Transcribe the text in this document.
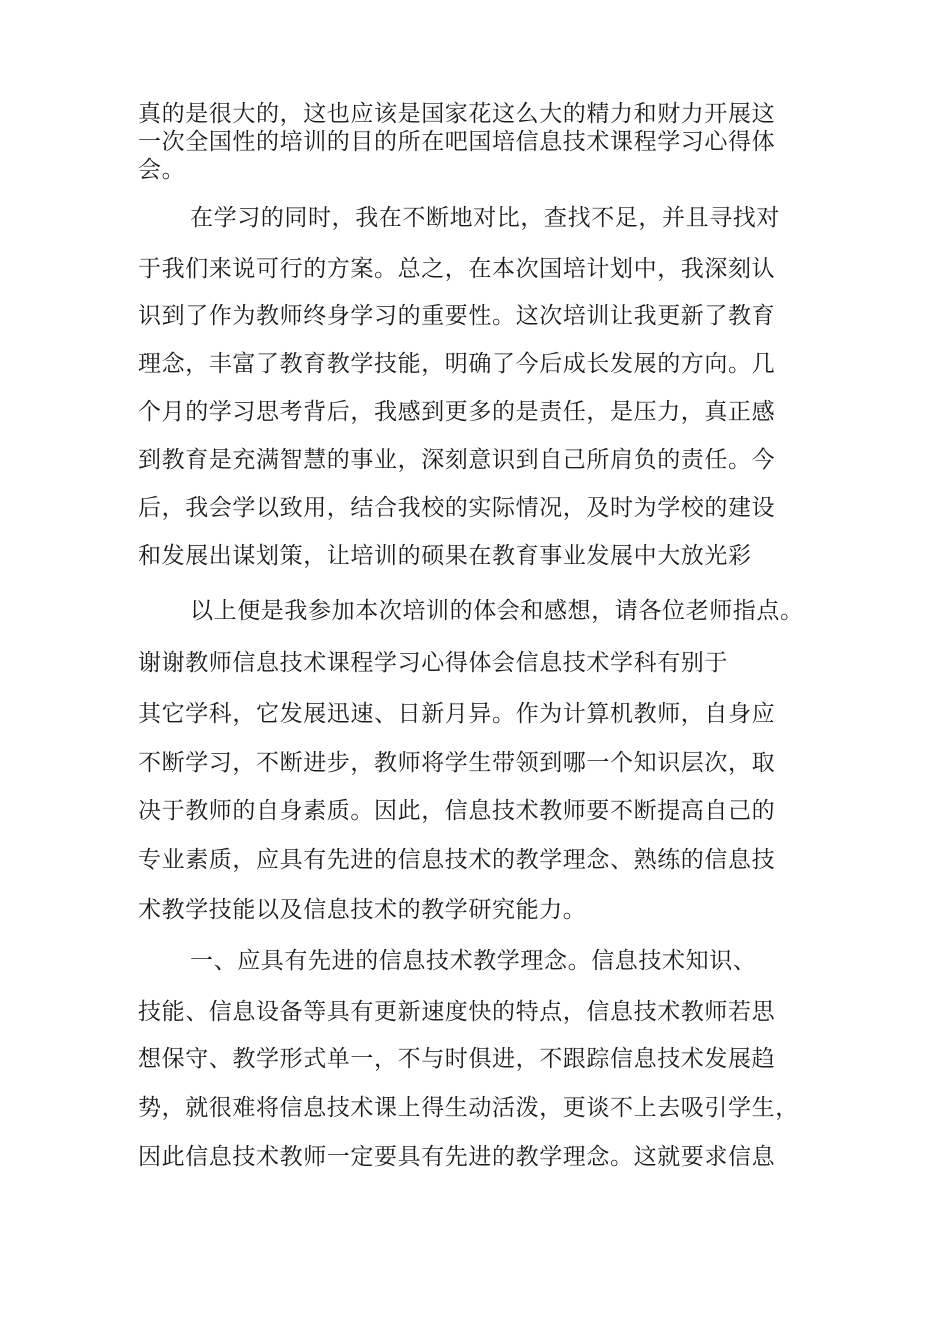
真的是很大的，这也应该是国家花这么大的精力和财力开展这
一次全国性的培训的目的所在吧国培信息技术课程学习心得体
会。
在学习的同时，我在不断地对比，查找不足，并且寻找对
于我们来说可行的方案。总之，在本次国培计划中，我深刻认
识到了作为教师终身学习的重要性。这次培训让我更新了教育
理念，丰富了教育教学技能，明确了今后成长发展的方向。几
个月的学习思考背后，我感到更多的是责任，是压力，真正感
到教育是充满智慧的事业，深刻意识到自己所肩负的责任。今
后，我会学以致用，结合我校的实际情况，及时为学校的建设
和发展出谋划策，让培训的硕果在教育事业发展中大放光彩
以上便是我参加本次培训的体会和感想，请各位老师指点。
谢谢教师信息技术课程学习心得体会信息技术学科有别于
其它学科，它发展迅速、日新月异。作为计算机教师，自身应
不断学习，不断进步，教师将学生带领到哪一个知识层次，取
决于教师的自身素质。因此，信息技术教师要不断提高自己的
专业素质，应具有先进的信息技术的教学理念、熟练的信息技
术教学技能以及信息技术的教学研究能力。
一、应具有先进的信息技术教学理念。信息技术知识、
技能、信息设备等具有更新速度快的特点，信息技术教师若思
想保守、教学形式单一，不与时俱进，不跟踪信息技术发展趋
势，就很难将信息技术课上得生动活泼，更谈不上去吸引学生，
因此信息技术教师一定要具有先进的教学理念。这就要求信息
